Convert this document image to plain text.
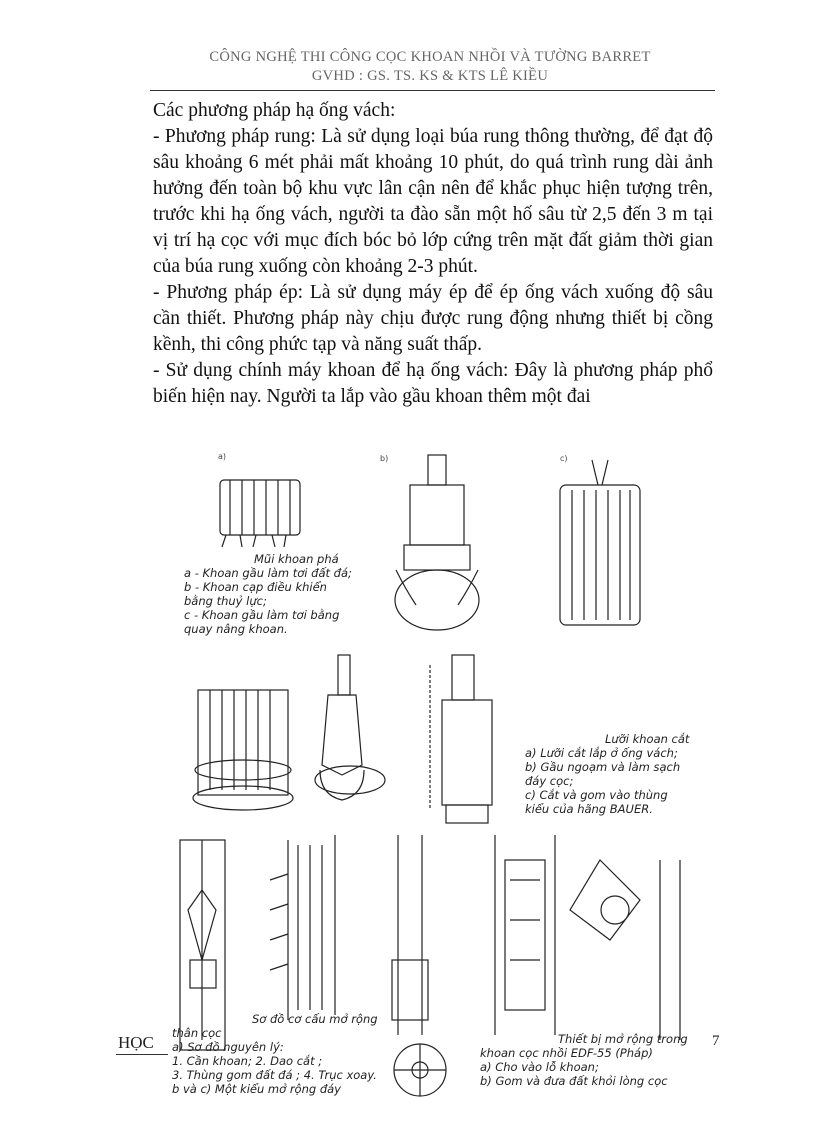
CÔNG NGHỆ THI CÔNG CỌC KHOAN NHỒI VÀ TƯỜNG BARRET
GVHD : GS. TS. KS & KTS LÊ KIỀU

Các phương pháp hạ ống vách:

- Phương pháp rung: Là sử dụng loại búa rung thông thường, để đạt độ sâu khoảng 6 mét phải mất khoảng 10 phút, do quá trình rung dài ảnh hưởng đến toàn bộ khu vực lân cận nên để khắc phục hiện tượng trên, trước khi hạ ống vách, người ta đào sẵn một hố sâu từ 2,5 đến 3 m tại vị trí hạ cọc với mục đích bóc bỏ lớp cứng trên mặt đất giảm thời gian của búa rung xuống còn khoảng 2-3 phút.

- Phương pháp ép: Là sử dụng máy ép để ép ống vách xuống độ sâu cần thiết. Phương pháp này chịu được rung động nhưng thiết bị cồng kềnh, thi công phức tạp và năng suất thấp.

- Sử dụng chính máy khoan để hạ ống vách: Đây là phương pháp phổ biến hiện nay. Người ta lắp vào gầu khoan thêm một đai

a)	b)	c)
Mũi khoan phá
a - Khoan gầu làm tơi đất đá;
b - Khoan cạp điều khiển
bằng thuỷ lực;
c - Khoan gầu làm tơi bằng
quay nâng khoan.
Lưỡi khoan cắt
a) Lưỡi cắt lắp ở ống vách;
b) Gầu ngoạm và làm sạch
đáy cọc;
c) Cắt và gom vào thùng
kiểu của hãng BAUER.
Sơ đồ cơ cấu mở rộng
thân cọc
a) Sơ đồ nguyên lý:
1. Cần khoan; 2. Dao cắt ;
3. Thùng gom đất đá ; 4. Trục xoay.
b và c) Một kiểu mở rộng đáy
Thiết bị mở rộng trong
khoan cọc nhồi EDF-55 (Pháp)
a) Cho vào lỗ khoan;
b) Gom và đưa đất khỏi lòng cọc
HỌC	7
